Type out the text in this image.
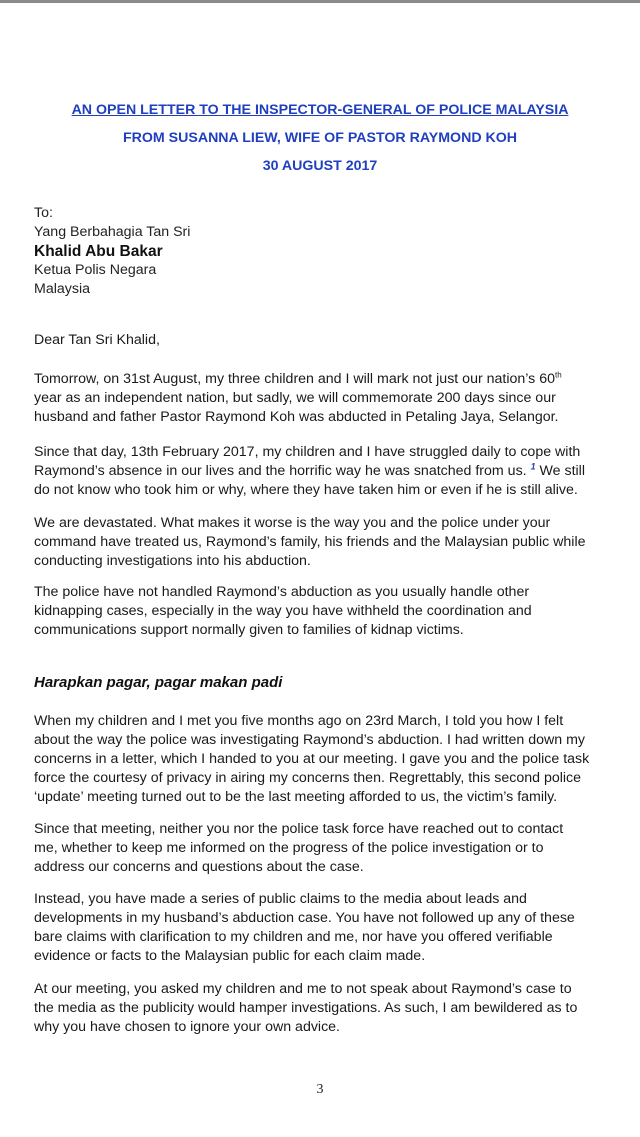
AN OPEN LETTER TO THE INSPECTOR-GENERAL OF POLICE MALAYSIA
FROM SUSANNA LIEW, WIFE OF PASTOR RAYMOND KOH
30 AUGUST 2017
To:
Yang Berbahagia Tan Sri
Khalid Abu Bakar
Ketua Polis Negara
Malaysia
Dear Tan Sri Khalid,
Tomorrow, on 31st August, my three children and I will mark not just our nation’s 60th
year as an independent nation, but sadly, we will commemorate 200 days since our
husband and father Pastor Raymond Koh was abducted in Petaling Jaya, Selangor.
Since that day, 13th February 2017, my children and I have struggled daily to cope with
Raymond’s absence in our lives and the horrific way he was snatched from us. $^1$ We still
do not know who took him or why, where they have taken him or even if he is still alive.
We are devastated. What makes it worse is the way you and the police under your
command have treated us, Raymond’s family, his friends and the Malaysian public while
conducting investigations into his abduction.
The police have not handled Raymond’s abduction as you usually handle other
kidnapping cases, especially in the way you have withheld the coordination and
communications support normally given to families of kidnap victims.
Harapkan pagar, pagar makan padi
When my children and I met you five months ago on 23rd March, I told you how I felt
about the way the police was investigating Raymond’s abduction. I had written down my
concerns in a letter, which I handed to you at our meeting. I gave you and the police task
force the courtesy of privacy in airing my concerns then. Regrettably, this second police
‘update’ meeting turned out to be the last meeting afforded to us, the victim’s family.
Since that meeting, neither you nor the police task force have reached out to contact
me, whether to keep me informed on the progress of the police investigation or to
address our concerns and questions about the case.
Instead, you have made a series of public claims to the media about leads and
developments in my husband’s abduction case. You have not followed up any of these
bare claims with clarification to my children and me, nor have you offered verifiable
evidence or facts to the Malaysian public for each claim made.
At our meeting, you asked my children and me to not speak about Raymond’s case to
the media as the publicity would hamper investigations. As such, I am bewildered as to
why you have chosen to ignore your own advice.
3
